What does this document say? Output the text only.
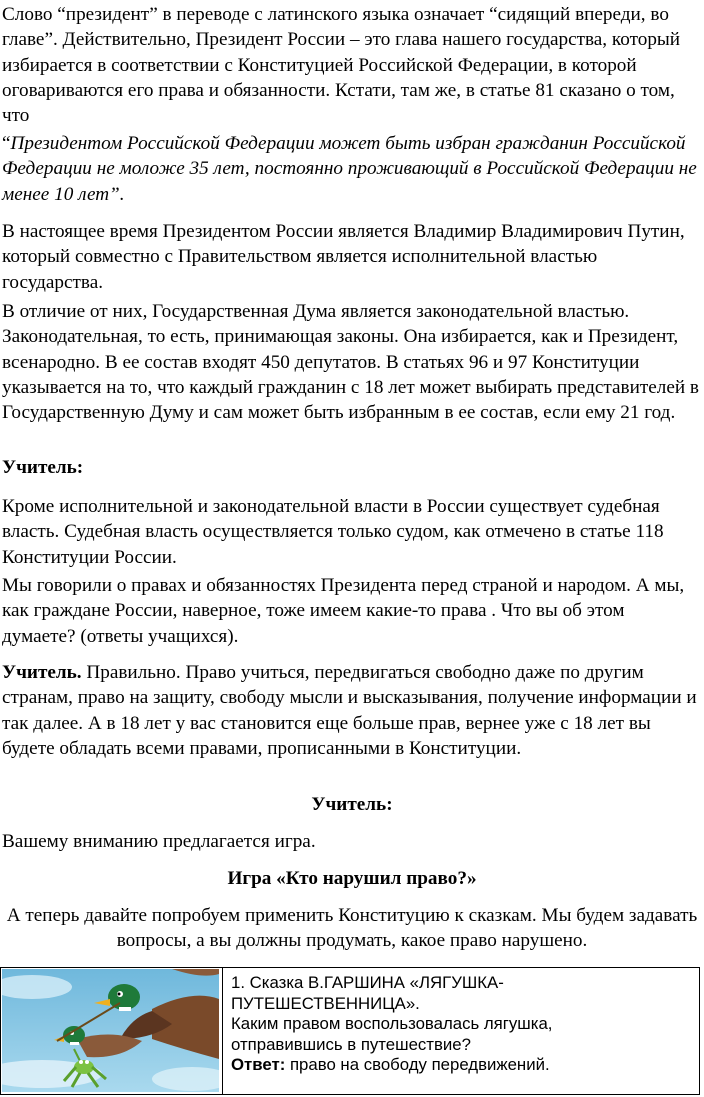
Слово “президент” в переводе с латинского языка означает “сидящий впереди, во главе”. Действительно, Президент России – это глава нашего государства, который избирается в соответствии с Конституцией Российской Федерации, в которой оговариваются его права и обязанности. Кстати, там же, в статье 81 сказано о том, что

“Президентом Российской Федерации может быть избран гражданин Российской Федерации не моложе 35 лет, постоянно проживающий в Российской Федерации не менее 10 лет”.

В настоящее время Президентом России является Владимир Владимирович Путин, который совместно с Правительством является исполнительной властью государства.

В отличие от них, Государственная Дума является законодательной властью. Законодательная, то есть, принимающая законы. Она избирается, как и Президент, всенародно. В ее состав входят 450 депутатов. В статьях 96 и 97 Конституции указывается на то, что каждый гражданин с 18 лет может выбирать представителей в Государственную Думу и сам может быть избранным в ее состав, если ему 21 год.

Учитель:

Кроме исполнительной и законодательной власти в России существует судебная власть. Судебная власть осуществляется только судом, как отмечено в статье 118 Конституции России.

Мы говорили о правах и обязанностях Президента перед страной и народом. А мы, как граждане России, наверное, тоже имеем какие-то права . Что вы об этом думаете? (ответы учащихся).

Учитель. Правильно. Право учиться, передвигаться свободно даже по другим странам, право на защиту, свободу мысли и высказывания, получение информации и так далее. А в 18 лет у вас становится еще больше прав, вернее уже с 18 лет вы будете обладать всеми правами, прописанными в Конституции.

Учитель:

Вашему вниманию предлагается игра.

Игра «Кто нарушил право?»

А теперь давайте попробуем применить Конституцию к сказкам. Мы будем задавать вопросы, а вы должны продумать, какое право нарушено.

1. Сказка В.ГАРШИНА «ЛЯГУШКА-
ПУТЕШЕСТВЕННИЦА».
Каким правом воспользовалась лягушка,
отправившись в путешествие?
Ответ: право на свободу передвижений.
